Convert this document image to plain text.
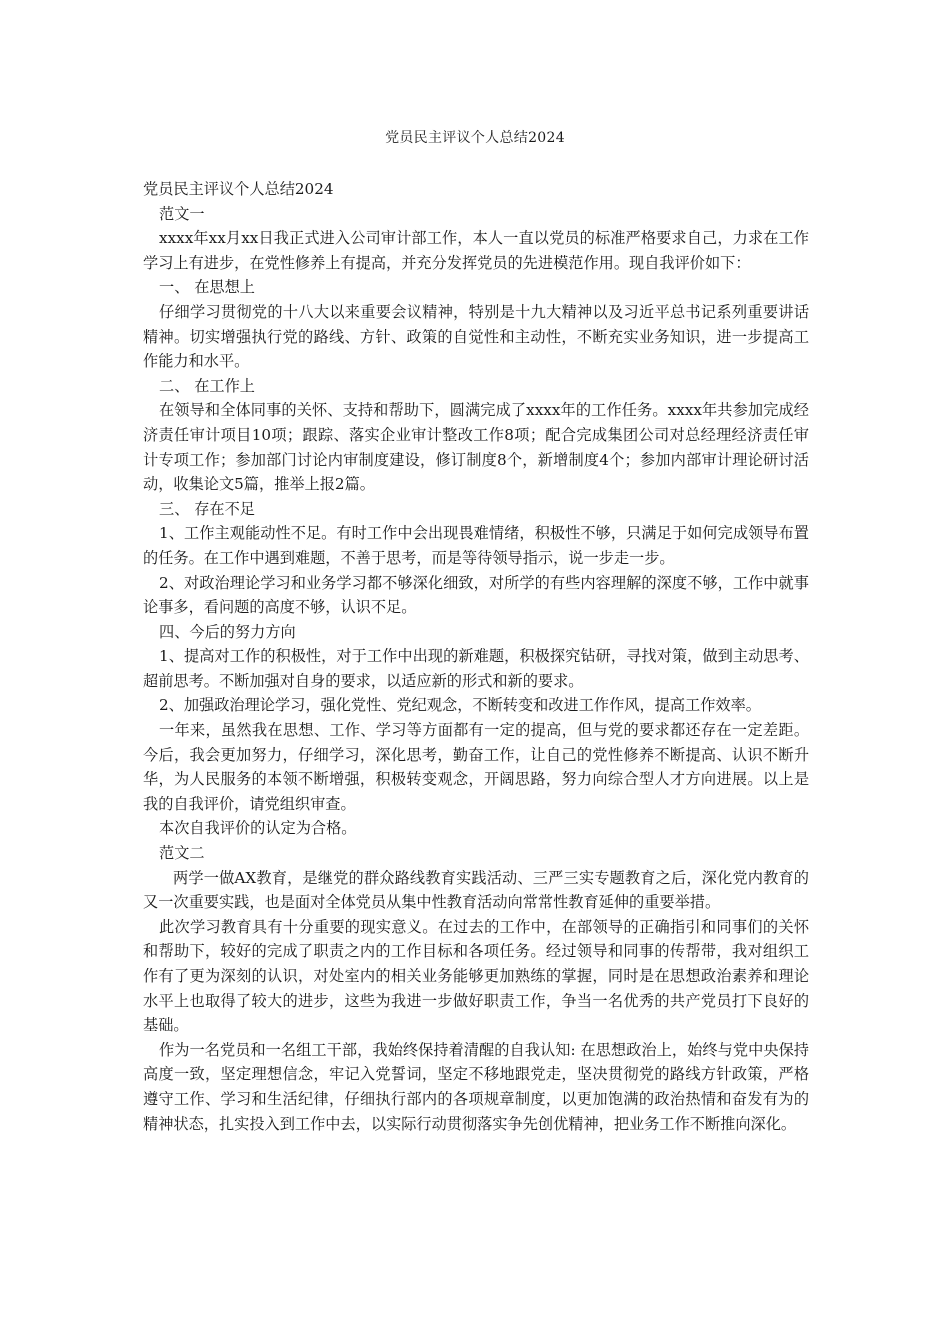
党员民主评议个人总结2024

党员民主评议个人总结2024

范文一

xxxx年xx月xx日我正式进入公司审计部工作，本人一直以党员的标准严格要求自己，力求在工作学习上有进步，在党性修养上有提高，并充分发挥党员的先进模范作用。现自我评价如下：

一、 在思想上

仔细学习贯彻党的十八大以来重要会议精神，特别是十九大精神以及习近平总书记系列重要讲话精神。切实增强执行党的路线、方针、政策的自觉性和主动性，不断充实业务知识，进一步提高工作能力和水平。

二、 在工作上

在领导和全体同事的关怀、支持和帮助下，圆满完成了xxxx年的工作任务。xxxx年共参加完成经济责任审计项目10项；跟踪、落实企业审计整改工作8项；配合完成集团公司对总经理经济责任审计专项工作；参加部门讨论内审制度建设，修订制度8个，新增制度4个；参加内部审计理论研讨活动，收集论文5篇，推举上报2篇。

三、 存在不足

1、工作主观能动性不足。有时工作中会出现畏难情绪，积极性不够，只满足于如何完成领导布置的任务。在工作中遇到难题，不善于思考，而是等待领导指示，说一步走一步。

2、对政治理论学习和业务学习都不够深化细致，对所学的有些内容理解的深度不够，工作中就事论事多，看问题的高度不够，认识不足。

四、今后的努力方向

1、提高对工作的积极性，对于工作中出现的新难题，积极探究钻研，寻找对策，做到主动思考、超前思考。不断加强对自身的要求，以适应新的形式和新的要求。

2、加强政治理论学习，强化党性、党纪观念，不断转变和改进工作作风，提高工作效率。

一年来，虽然我在思想、工作、学习等方面都有一定的提高，但与党的要求都还存在一定差距。今后，我会更加努力，仔细学习，深化思考，勤奋工作，让自己的党性修养不断提高、认识不断升华，为人民服务的本领不断增强，积极转变观念，开阔思路，努力向综合型人才方向进展。以上是我的自我评价，请党组织审查。

本次自我评价的认定为合格。

范文二

两学一做ΑΧ教育，是继党的群众路线教育实践活动、三严三实专题教育之后，深化党内教育的又一次重要实践，也是面对全体党员从集中性教育活动向常常性教育延伸的重要举措。

此次学习教育具有十分重要的现实意义。在过去的工作中，在部领导的正确指引和同事们的关怀和帮助下，较好的完成了职责之内的工作目标和各项任务。经过领导和同事的传帮带，我对组织工作有了更为深刻的认识，对处室内的相关业务能够更加熟练的掌握，同时是在思想政治素养和理论水平上也取得了较大的进步，这些为我进一步做好职责工作，争当一名优秀的共产党员打下良好的基础。

作为一名党员和一名组工干部，我始终保持着清醒的自我认知: 在思想政治上，始终与党中央保持高度一致，坚定理想信念，牢记入党誓词，坚定不移地跟党走，坚决贯彻党的路线方针政策，严格遵守工作、学习和生活纪律，仔细执行部内的各项规章制度，以更加饱满的政治热情和奋发有为的精神状态，扎实投入到工作中去，以实际行动贯彻落实争先创优精神，把业务工作不断推向深化。
